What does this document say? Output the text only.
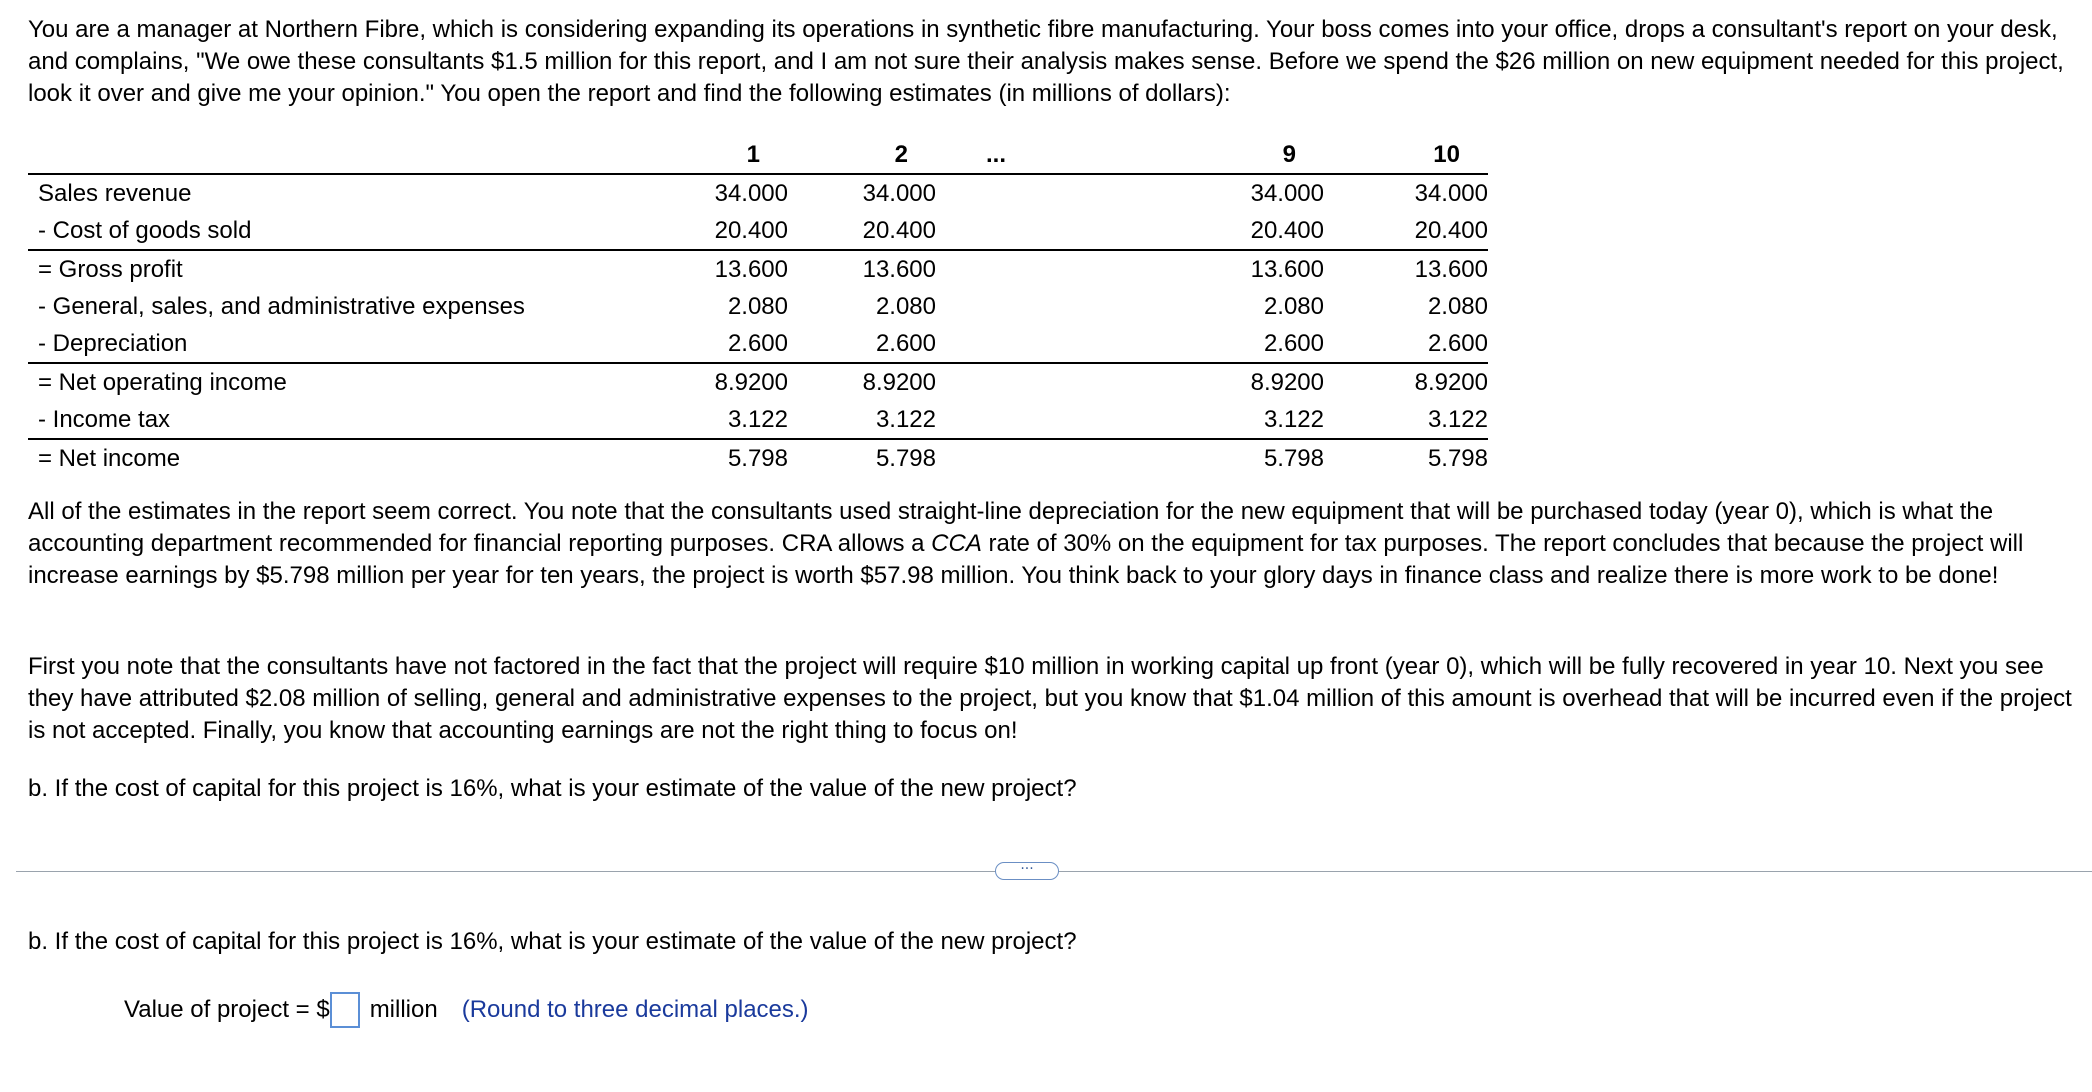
You are a manager at Northern Fibre, which is considering expanding its operations in synthetic fibre manufacturing. Your boss comes into your office, drops a consultant's report on your desk, and complains, "We owe these consultants $1.5 million for this report, and I am not sure their analysis makes sense. Before we spend the $26 million on new equipment needed for this project, look it over and give me your opinion." You open the report and find the following estimates (in millions of dollars):

	1	2	...	9	10
Sales revenue	34.000	34.000		34.000	34.000
- Cost of goods sold	20.400	20.400		20.400	20.400
= Gross profit	13.600	13.600		13.600	13.600
- General, sales, and administrative expenses	2.080	2.080		2.080	2.080
- Depreciation	2.600	2.600		2.600	2.600
= Net operating income	8.9200	8.9200		8.9200	8.9200
- Income tax	3.122	3.122		3.122	3.122
= Net income	5.798	5.798		5.798	5.798

All of the estimates in the report seem correct. You note that the consultants used straight-line depreciation for the new equipment that will be purchased today (year 0), which is what the accounting department recommended for financial reporting purposes. CRA allows a CCA rate of 30% on the equipment for tax purposes. The report concludes that because the project will increase earnings by $5.798 million per year for ten years, the project is worth $57.98 million. You think back to your glory days in finance class and realize there is more work to be done!

First you note that the consultants have not factored in the fact that the project will require $10 million in working capital up front (year 0), which will be fully recovered in year 10. Next you see they have attributed $2.08 million of selling, general and administrative expenses to the project, but you know that $1.04 million of this amount is overhead that will be incurred even if the project is not accepted. Finally, you know that accounting earnings are not the right thing to focus on!

b. If the cost of capital for this project is 16%, what is your estimate of the value of the new project?

···

b. If the cost of capital for this project is 16%, what is your estimate of the value of the new project?

Value of project = $ million (Round to three decimal places.)
